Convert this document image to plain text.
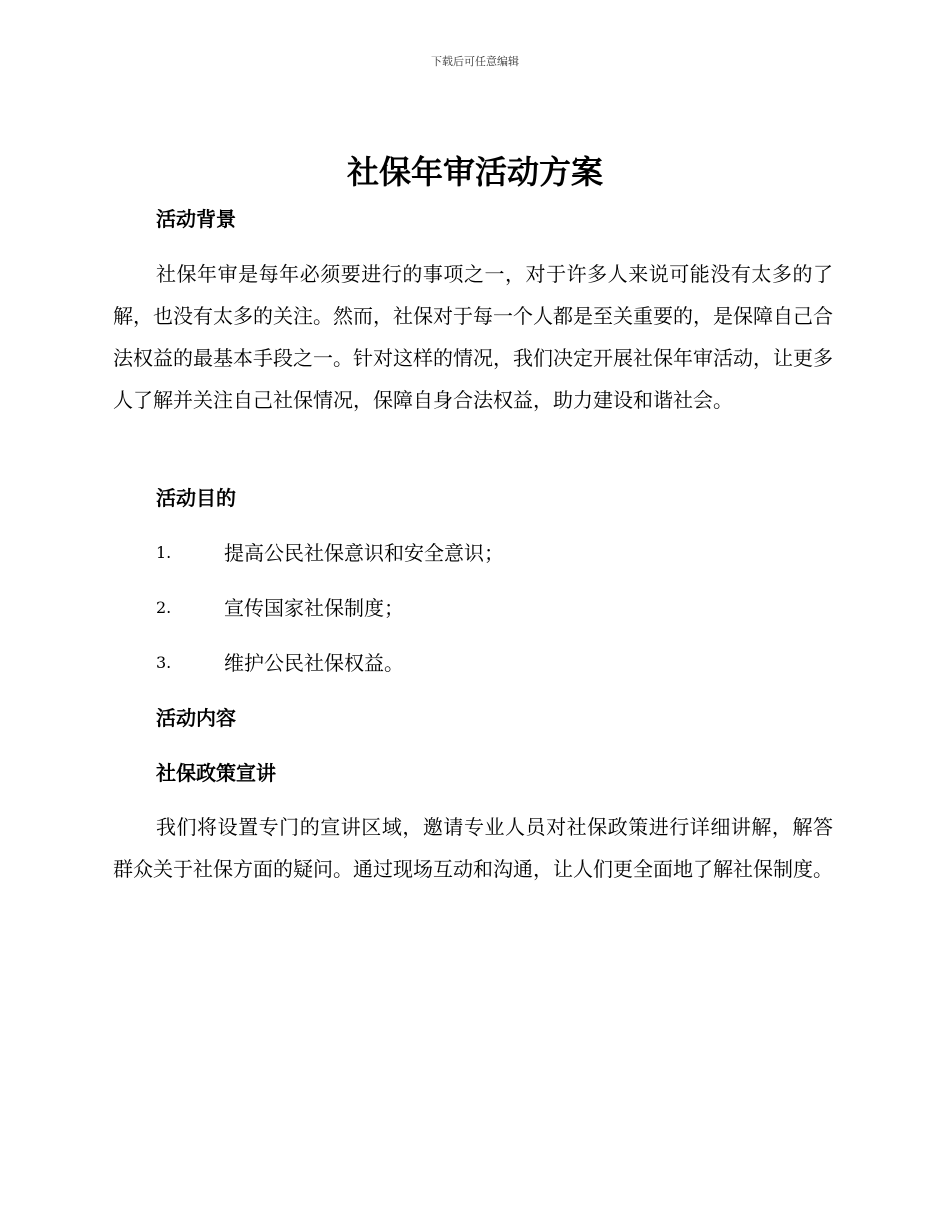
下载后可任意编辑
社保年审活动方案
活动背景

社保年审是每年必须要进行的事项之一，对于许多人来说可能没有太多的了解，也没有太多的关注。然而，社保对于每一个人都是至关重要的，是保障自己合法权益的最基本手段之一。针对这样的情况，我们决定开展社保年审活动，让更多人了解并关注自己社保情况，保障自身合法权益，助力建设和谐社会。

活动目的
1.	提高公民社保意识和安全意识；
2.	宣传国家社保制度；
3.	维护公民社保权益。
活动内容
社保政策宣讲

我们将设置专门的宣讲区域，邀请专业人员对社保政策进行详细讲解，解答群众关于社保方面的疑问。通过现场互动和沟通，让人们更全面地了解社保制度。
